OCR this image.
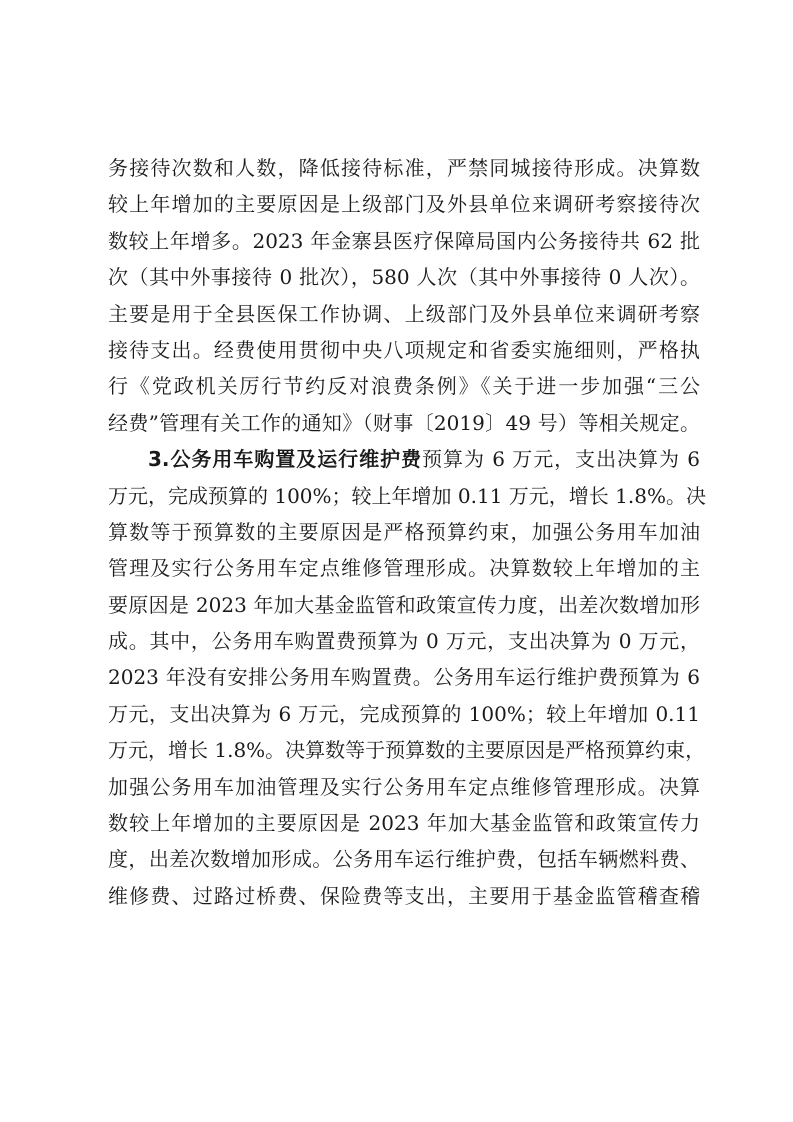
务接待次数和人数，降低接待标准，严禁同城接待形成。决算数
较上年增加的主要原因是上级部门及外县单位来调研考察接待次
数较上年增多。2023 年金寨县医疗保障局国内公务接待共 62 批
次（其中外事接待 0 批次），580 人次（其中外事接待 0 人次）。
主要是用于全县医保工作协调、上级部门及外县单位来调研考察
接待支出。经费使用贯彻中央八项规定和省委实施细则，严格执
行《党政机关厉行节约反对浪费条例》《关于进一步加强“三公
经费”管理有关工作的通知》（财事〔2019〕49 号）等相关规定。
3.公务用车购置及运行维护费预算为 6 万元，支出决算为 6
万元，完成预算的 100%；较上年增加 0.11 万元，增长 1.8%。决
算数等于预算数的主要原因是严格预算约束，加强公务用车加油
管理及实行公务用车定点维修管理形成。决算数较上年增加的主
要原因是 2023 年加大基金监管和政策宣传力度，出差次数增加形
成。其中，公务用车购置费预算为 0 万元，支出决算为 0 万元，
2023 年没有安排公务用车购置费。公务用车运行维护费预算为 6
万元，支出决算为 6 万元，完成预算的 100%；较上年增加 0.11
万元，增长 1.8%。决算数等于预算数的主要原因是严格预算约束，
加强公务用车加油管理及实行公务用车定点维修管理形成。决算
数较上年增加的主要原因是 2023 年加大基金监管和政策宣传力
度，出差次数增加形成。公务用车运行维护费，包括车辆燃料费、
维修费、过路过桥费、保险费等支出，主要用于基金监管稽查稽
